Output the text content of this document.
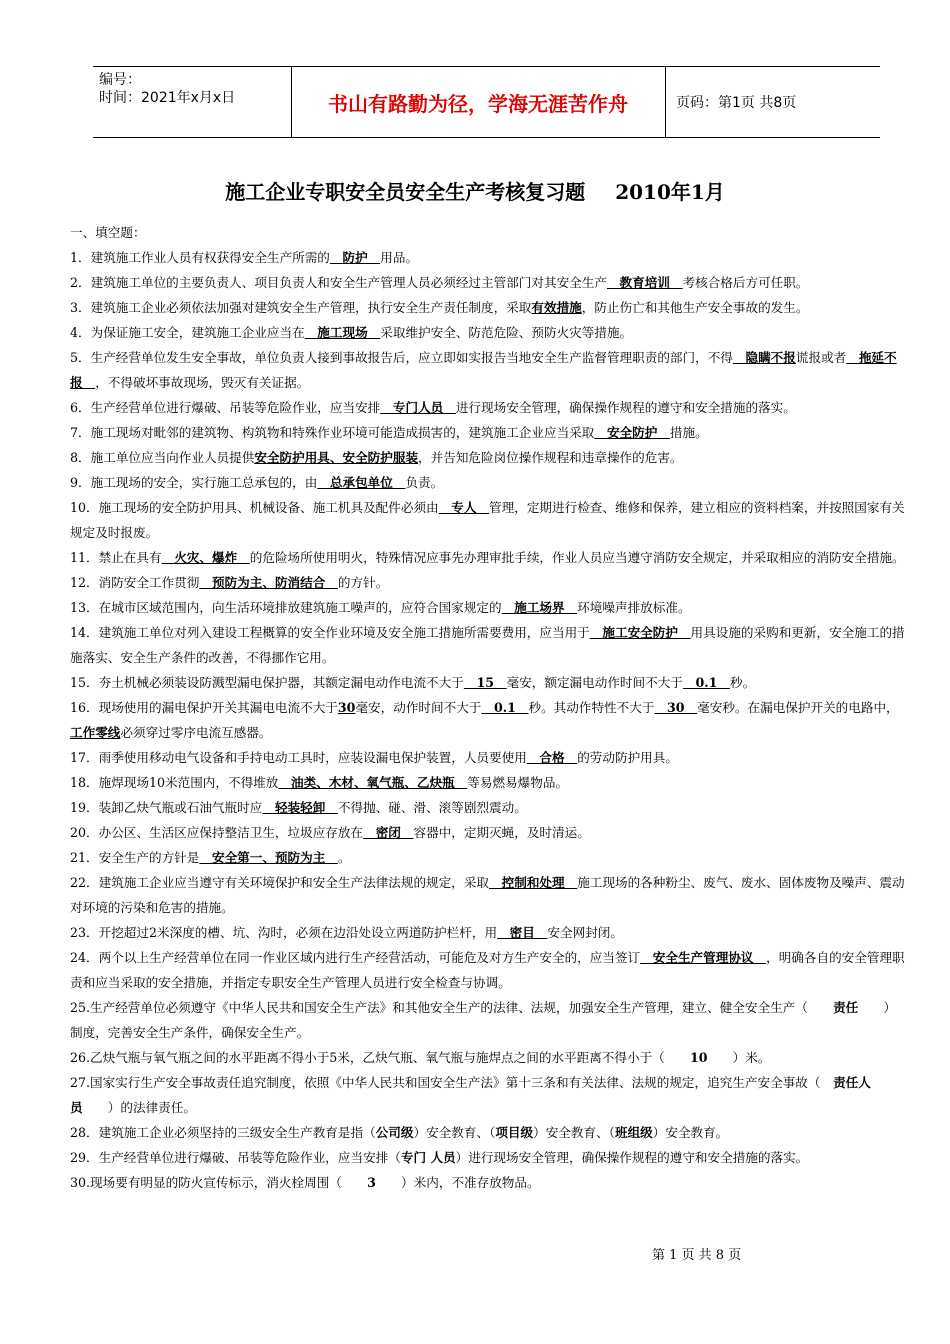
编号：
时间：2021年x月x日	书山有路勤为径，学海无涯苦作舟	页码：第1页 共8页
施工企业专职安全员安全生产考核复习题 2010年1月

一、填空题：

1．建筑施工作业人员有权获得安全生产所需的　防护　用品。

2．建筑施工单位的主要负责人、项目负责人和安全生产管理人员必须经过主管部门对其安全生产　教育培训　考核合格后方可任职。

3．建筑施工企业必须依法加强对建筑安全生产管理，执行安全生产责任制度，采取有效措施，防止伤亡和其他生产安全事故的发生。

4．为保证施工安全，建筑施工企业应当在　施工现场　采取维护安全、防范危险、预防火灾等措施。

5．生产经营单位发生安全事故，单位负责人接到事故报告后，应立即如实报告当地安全生产监督管理职责的部门，不得　隐瞒不报谎报或者　拖延不报　，不得破坏事故现场，毁灭有关证据。

6．生产经营单位进行爆破、吊装等危险作业，应当安排　专门人员　进行现场安全管理，确保操作规程的遵守和安全措施的落实。

7．施工现场对毗邻的建筑物、构筑物和特殊作业环境可能造成损害的，建筑施工企业应当采取　安全防护　措施。

8．施工单位应当向作业人员提供安全防护用具、安全防护服装，并告知危险岗位操作规程和违章操作的危害。

9．施工现场的安全，实行施工总承包的，由　总承包单位　负责。

10．施工现场的安全防护用具、机械设备、施工机具及配件必须由　专人　管理，定期进行检查、维修和保养，建立相应的资料档案，并按照国家有关规定及时报废。

11．禁止在具有　火灾、爆炸　的危险场所使用明火，特殊情况应事先办理审批手续，作业人员应当遵守消防安全规定，并采取相应的消防安全措施。

12．消防安全工作贯彻　预防为主、防消结合　的方针。

13．在城市区域范围内，向生活环境排放建筑施工噪声的，应符合国家规定的　施工场界　环境噪声排放标准。

14．建筑施工单位对列入建设工程概算的安全作业环境及安全施工措施所需要费用，应当用于　施工安全防护　用具设施的采购和更新，安全施工的措施落实、安全生产条件的改善，不得挪作它用。

15．夯土机械必须装设防溅型漏电保护器，其额定漏电动作电流不大于　15　毫安，额定漏电动作时间不大于　0.1　秒。

16．现场使用的漏电保护开关其漏电电流不大于30毫安，动作时间不大于　0.1　秒。其动作特性不大于　30　毫安秒。在漏电保护开关的电路中，工作零线必须穿过零序电流互感器。

17．雨季使用移动电气设备和手持电动工具时，应装设漏电保护装置，人员要使用　合格　的劳动防护用具。

18．施焊现场10米范围内，不得堆放　油类、木材、氧气瓶、乙炔瓶　等易燃易爆物品。

19．装卸乙炔气瓶或石油气瓶时应　轻装轻卸　不得抛、碰、滑、滚等剧烈震动。

20．办公区、生活区应保持整洁卫生，垃圾应存放在　密闭　容器中，定期灭蝇，及时清运。

21．安全生产的方针是　安全第一、预防为主　。

22．建筑施工企业应当遵守有关环境保护和安全生产法律法规的规定，采取　控制和处理　施工现场的各种粉尘、废气、废水、固体废物及噪声、震动对环境的污染和危害的措施。

23．开挖超过2米深度的槽、坑、沟时，必须在边沿处设立两道防护栏杆，用　密目　安全网封闭。

24．两个以上生产经营单位在同一作业区域内进行生产经营活动，可能危及对方生产安全的，应当签订　安全生产管理协议　，明确各自的安全管理职责和应当采取的安全措施，并指定专职安全生产管理人员进行安全检查与协调。

25.生产经营单位必须遵守《中华人民共和国安全生产法》和其他安全生产的法律、法规，加强安全生产管理，建立、健全安全生产（　　责任　　）制度，完善安全生产条件，确保安全生产。

26.乙炔气瓶与氧气瓶之间的水平距离不得小于5米，乙炔气瓶、氧气瓶与施焊点之间的水平距离不得小于（　　10　　）米。

27.国家实行生产安全事故责任追究制度，依照《中华人民共和国安全生产法》第十三条和有关法律、法规的规定，追究生产安全事故（　责任人员　　）的法律责任。

28．建筑施工企业必须坚持的三级安全生产教育是指（公司级）安全教育、（项目级）安全教育、（班组级）安全教育。

29．生产经营单位进行爆破、吊装等危险作业，应当安排（专门 人员）进行现场安全管理，确保操作规程的遵守和安全措施的落实。

30.现场要有明显的防火宣传标示，消火栓周围（　　3　　）米内，不准存放物品。

第 1 页 共 8 页
